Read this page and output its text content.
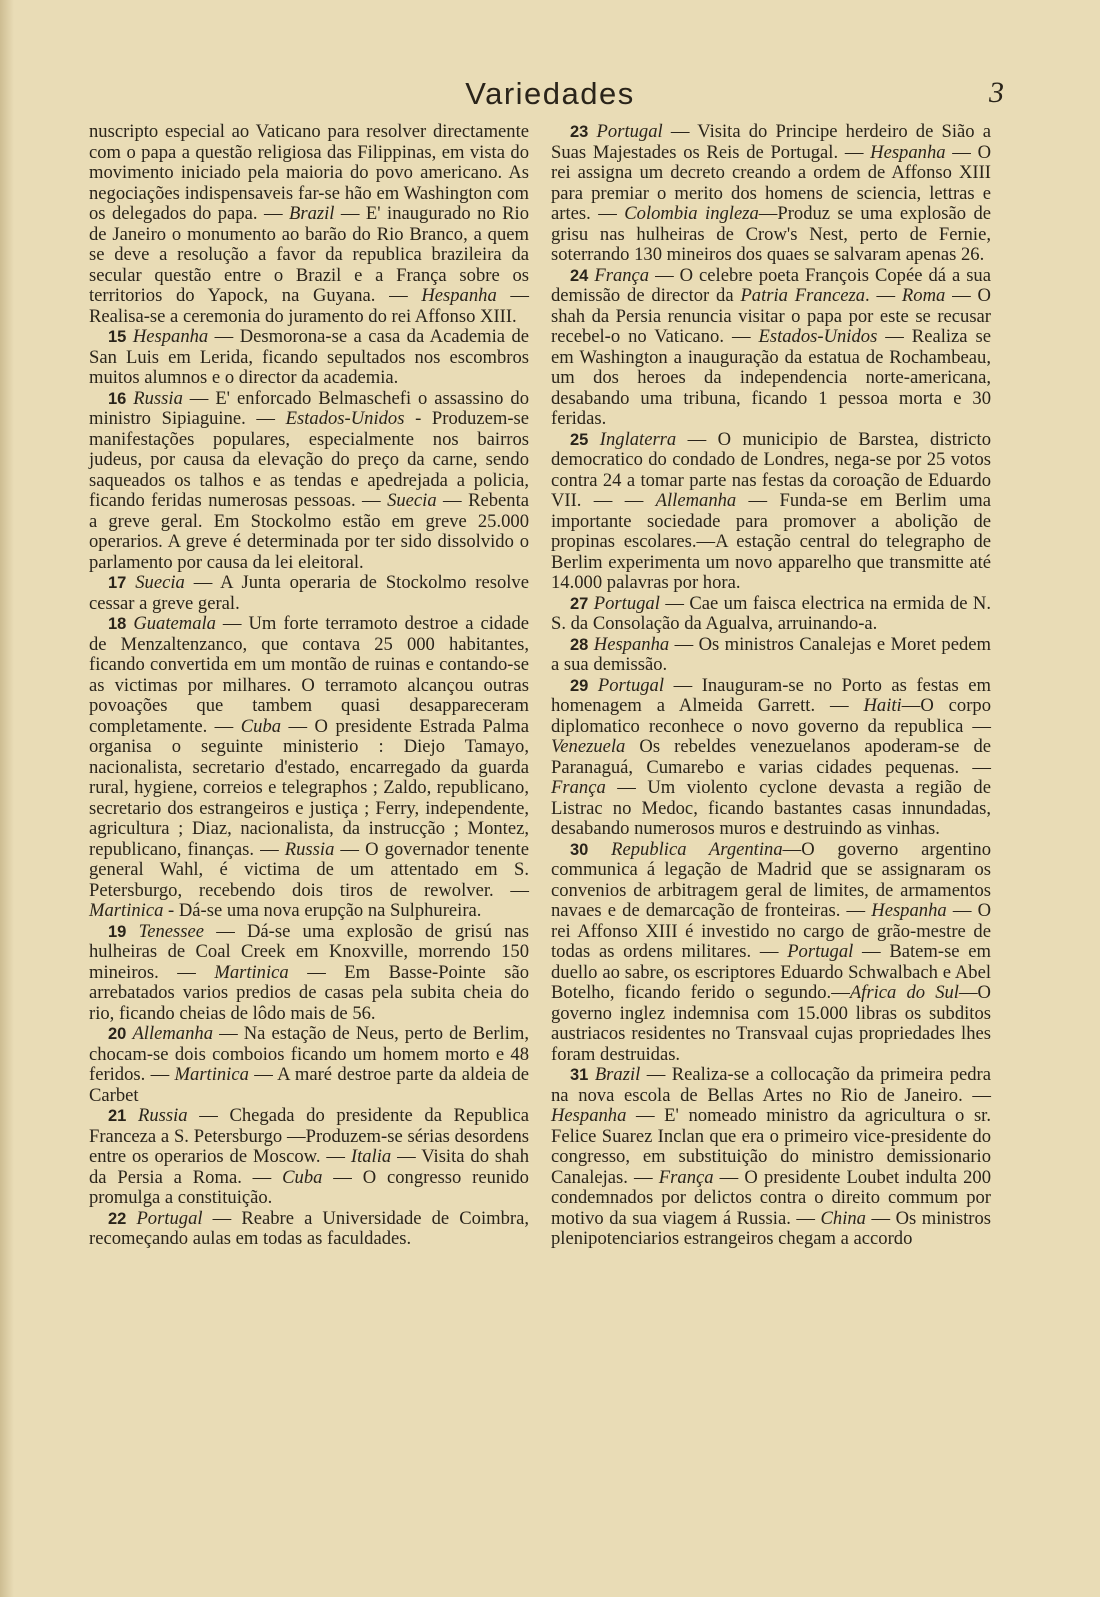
Variedades	3

nuscripto especial ao Vaticano para resolver directamente com o papa a questão religiosa das Filippinas, em vista do movimento iniciado pela maioria do povo americano. As negociações indispensaveis far-se hão em Washington com os delegados do papa. — Brazil — E' inaugurado no Rio de Janeiro o monumento ao barão do Rio Branco, a quem se deve a resolução a favor da republica brazileira da secular questão entre o Brazil e a França sobre os territorios do Yapock, na Guyana. — Hespanha — Realisa-se a ceremonia do juramento do rei Affonso XIII.

15 Hespanha — Desmorona-se a casa da Academia de San Luis em Lerida, ficando sepultados nos escombros muitos alumnos e o director da academia.

16 Russia — E' enforcado Belmaschefi o assassino do ministro Sipiaguine. — Estados-Unidos - Produzem-se manifestações populares, especialmente nos bairros judeus, por causa da elevação do preço da carne, sendo saqueados os talhos e as tendas e apedrejada a policia, ficando feridas numerosas pessoas. — Suecia — Rebenta a greve geral. Em Stockolmo estão em greve 25.000 operarios. A greve é determinada por ter sido dissolvido o parlamento por causa da lei eleitoral.

17 Suecia — A Junta operaria de Stockolmo resolve cessar a greve geral.

18 Guatemala — Um forte terramoto destroe a cidade de Menzaltenzanco, que contava 25 000 habitantes, ficando convertida em um montão de ruinas e contando-se as victimas por milhares. O terramoto alcançou outras povoações que tambem quasi desappareceram completamente. — Cuba — O presidente Estrada Palma organisa o seguinte ministerio : Diejo Tamayo, nacionalista, secretario d'estado, encarregado da guarda rural, hygiene, correios e telegraphos ; Zaldo, republicano, secretario dos estrangeiros e justiça ; Ferry, independente, agricultura ; Diaz, nacionalista, da instrucção ; Montez, republicano, finanças. — Russia — O governador tenente general Wahl, é victima de um attentado em S. Petersburgo, recebendo dois tiros de rewolver. — Martinica - Dá-se uma nova erupção na Sulphureira.

19 Tenessee — Dá-se uma explosão de grisú nas hulheiras de Coal Creek em Knoxville, morrendo 150 mineiros. — Martinica — Em Basse-Pointe são arrebatados varios predios de casas pela subita cheia do rio, ficando cheias de lôdo mais de 56.

20 Allemanha — Na estação de Neus, perto de Berlim, chocam-se dois comboios ficando um homem morto e 48 feridos. — Martinica — A maré destroe parte da aldeia de Carbet

21 Russia — Chegada do presidente da Republica Franceza a S. Petersburgo —Produzem-se sérias desordens entre os operarios de Moscow. — Italia — Visita do shah da Persia a Roma. — Cuba — O congresso reunido promulga a constituição.

22 Portugal — Reabre a Universidade de Coimbra, recomeçando aulas em todas as faculdades.

23 Portugal — Visita do Principe herdeiro de Sião a Suas Majestades os Reis de Portugal. — Hespanha — O rei assigna um decreto creando a ordem de Affonso XIII para premiar o merito dos homens de sciencia, lettras e artes. — Colombia ingleza—Produz se uma explosão de grisu nas hulheiras de Crow's Nest, perto de Fernie, soterrando 130 mineiros dos quaes se salvaram apenas 26.

24 França — O celebre poeta François Copée dá a sua demissão de director da Patria Franceza. — Roma — O shah da Persia renuncia visitar o papa por este se recusar recebel-o no Vaticano. — Estados-Unidos — Realiza se em Washington a inauguração da estatua de Rochambeau, um dos heroes da independencia norte-americana, desabando uma tribuna, ficando 1 pessoa morta e 30 feridas.

25 Inglaterra — O municipio de Barstea, districto democratico do condado de Londres, nega-se por 25 votos contra 24 a tomar parte nas festas da coroação de Eduardo VII. — — Allemanha — Funda-se em Berlim uma importante sociedade para promover a abolição de propinas escolares.—A estação central do telegrapho de Berlim experimenta um novo apparelho que transmitte até 14.000 palavras por hora.

27 Portugal — Cae um faisca electrica na ermida de N. S. da Consolação da Agualva, arruinando-a.

28 Hespanha — Os ministros Canalejas e Moret pedem a sua demissão.

29 Portugal — Inauguram-se no Porto as festas em homenagem a Almeida Garrett. — Haiti—O corpo diplomatico reconhece o novo governo da republica — Venezuela Os rebeldes venezuelanos apoderam-se de Paranaguá, Cumarebo e varias cidades pequenas. — França — Um violento cyclone devasta a região de Listrac no Medoc, ficando bastantes casas innundadas, desabando numerosos muros e destruindo as vinhas.

30 Republica Argentina—O governo argentino communica á legação de Madrid que se assignaram os convenios de arbitragem geral de limites, de armamentos navaes e de demarcação de fronteiras. — Hespanha — O rei Affonso XIII é investido no cargo de grão-mestre de todas as ordens militares. — Portugal — Batem-se em duello ao sabre, os escriptores Eduardo Schwalbach e Abel Botelho, ficando ferido o segundo.—Africa do Sul—O governo inglez indemnisa com 15.000 libras os subditos austriacos residentes no Transvaal cujas propriedades lhes foram destruidas.

31 Brazil — Realiza-se a collocação da primeira pedra na nova escola de Bellas Artes no Rio de Janeiro. — Hespanha — E' nomeado ministro da agricultura o sr. Felice Suarez Inclan que era o primeiro vice-presidente do congresso, em substituição do ministro demissionario Canalejas. — França — O presidente Loubet indulta 200 condemnados por delictos contra o direito commum por motivo da sua viagem á Russia. — China — Os ministros plenipotenciarios estrangeiros chegam a accordo
